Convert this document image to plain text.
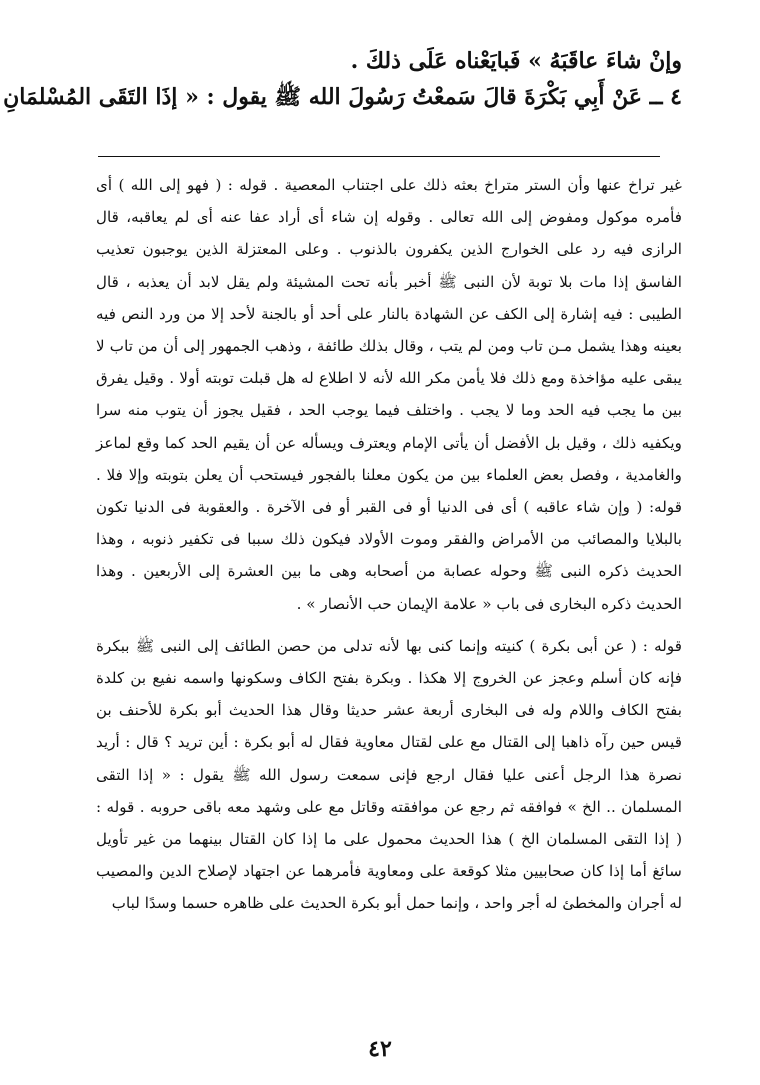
وإنْ شاءَ عاقَبَهُ » فَبايَعْناه عَلَى ذلكَ .

٤ ــ عَنْ أَبِي بَكْرَةَ قالَ سَمعْتُ رَسُولَ الله ﷺ يقول : « إذَا التَقَى المُسْلمَانِ

غير تراخ عنها وأن الستر متراخ بعثه ذلك على اجتناب المعصية . قوله : ( فهو إلى الله ) أى فأمره موكول ومفوض إلى الله تعالى . وقوله إن شاء أى أراد عفا عنه أى لم يعاقبه، قال الرازى فيه رد على الخوارج الذين يكفرون بالذنوب . وعلى المعتزلة الذين يوجبون تعذيب الفاسق إذا مات بلا توبة لأن النبى ﷺ أخبر بأنه تحت المشيئة ولم يقل لابد أن يعذبه ، قال الطيبى : فيه إشارة إلى الكف عن الشهادة بالنار على أحد أو بالجنة لأحد إلا من ورد النص فيه بعينه وهذا يشمل مـن تاب ومن لم يتب ، وقال بذلك طائفة ، وذهب الجمهور إلى أن من تاب لا يبقى عليه مؤاخذة ومع ذلك فلا يأمن مكر الله لأنه لا اطلاع له هل قبلت توبته أولا . وقيل يفرق بين ما يجب فيه الحد وما لا يجب . واختلف فيما يوجب الحد ، فقيل يجوز أن يتوب منه سرا ويكفيه ذلك ، وقيل بل الأفضل أن يأتى الإمام ويعترف ويسأله عن أن يقيم الحد كما وقع لماعز والغامدية ، وفصل بعض العلماء بين من يكون معلنا بالفجور فيستحب أن يعلن بتوبته وإلا فلا . قوله: ( وإن شاء عاقبه ) أى فى الدنيا أو فى القبر أو فى الآخرة . والعقوبة فى الدنيا تكون بالبلايا والمصائب من الأمراض والفقر وموت الأولاد فيكون ذلك سببا فى تكفير ذنوبه ، وهذا الحديث ذكره النبى ﷺ وحوله عصابة من أصحابه وهى ما بين العشرة إلى الأربعين . وهذا الحديث ذكره البخارى فى باب « علامة الإيمان حب الأنصار » .

قوله : ( عن أبى بكرة ) كنيته وإنما كنى بها لأنه تدلى من حصن الطائف إلى النبى ﷺ ببكرة فإنه كان أسلم وعجز عن الخروج إلا هكذا . وبكرة بفتح الكاف وسكونها واسمه نفيع بن كلدة بفتح الكاف واللام وله فى البخارى أربعة عشر حديثا وقال هذا الحديث أبو بكرة للأحنف بن قيس حين رآه ذاهبا إلى القتال مع على لقتال معاوية فقال له أبو بكرة : أين تريد ؟ قال : أريد نصرة هذا الرجل أعنى عليا فقال ارجع فإنى سمعت رسول الله ﷺ يقول : « إذا التقى المسلمان .. الخ » فوافقه ثم رجع عن موافقته وقاتل مع على وشهد معه باقى حروبه . قوله : ( إذا التقى المسلمان الخ ) هذا الحديث محمول على ما إذا كان القتال بينهما من غير تأويل سائغ أما إذا كان صحابيين مثلا كوقعة على ومعاوية فأمرهما عن اجتهاد لإصلاح الدين والمصيب له أجران والمخطئ له أجر واحد ، وإنما حمل أبو بكرة الحديث على ظاهره حسما وسدًا لباب

٤٢
